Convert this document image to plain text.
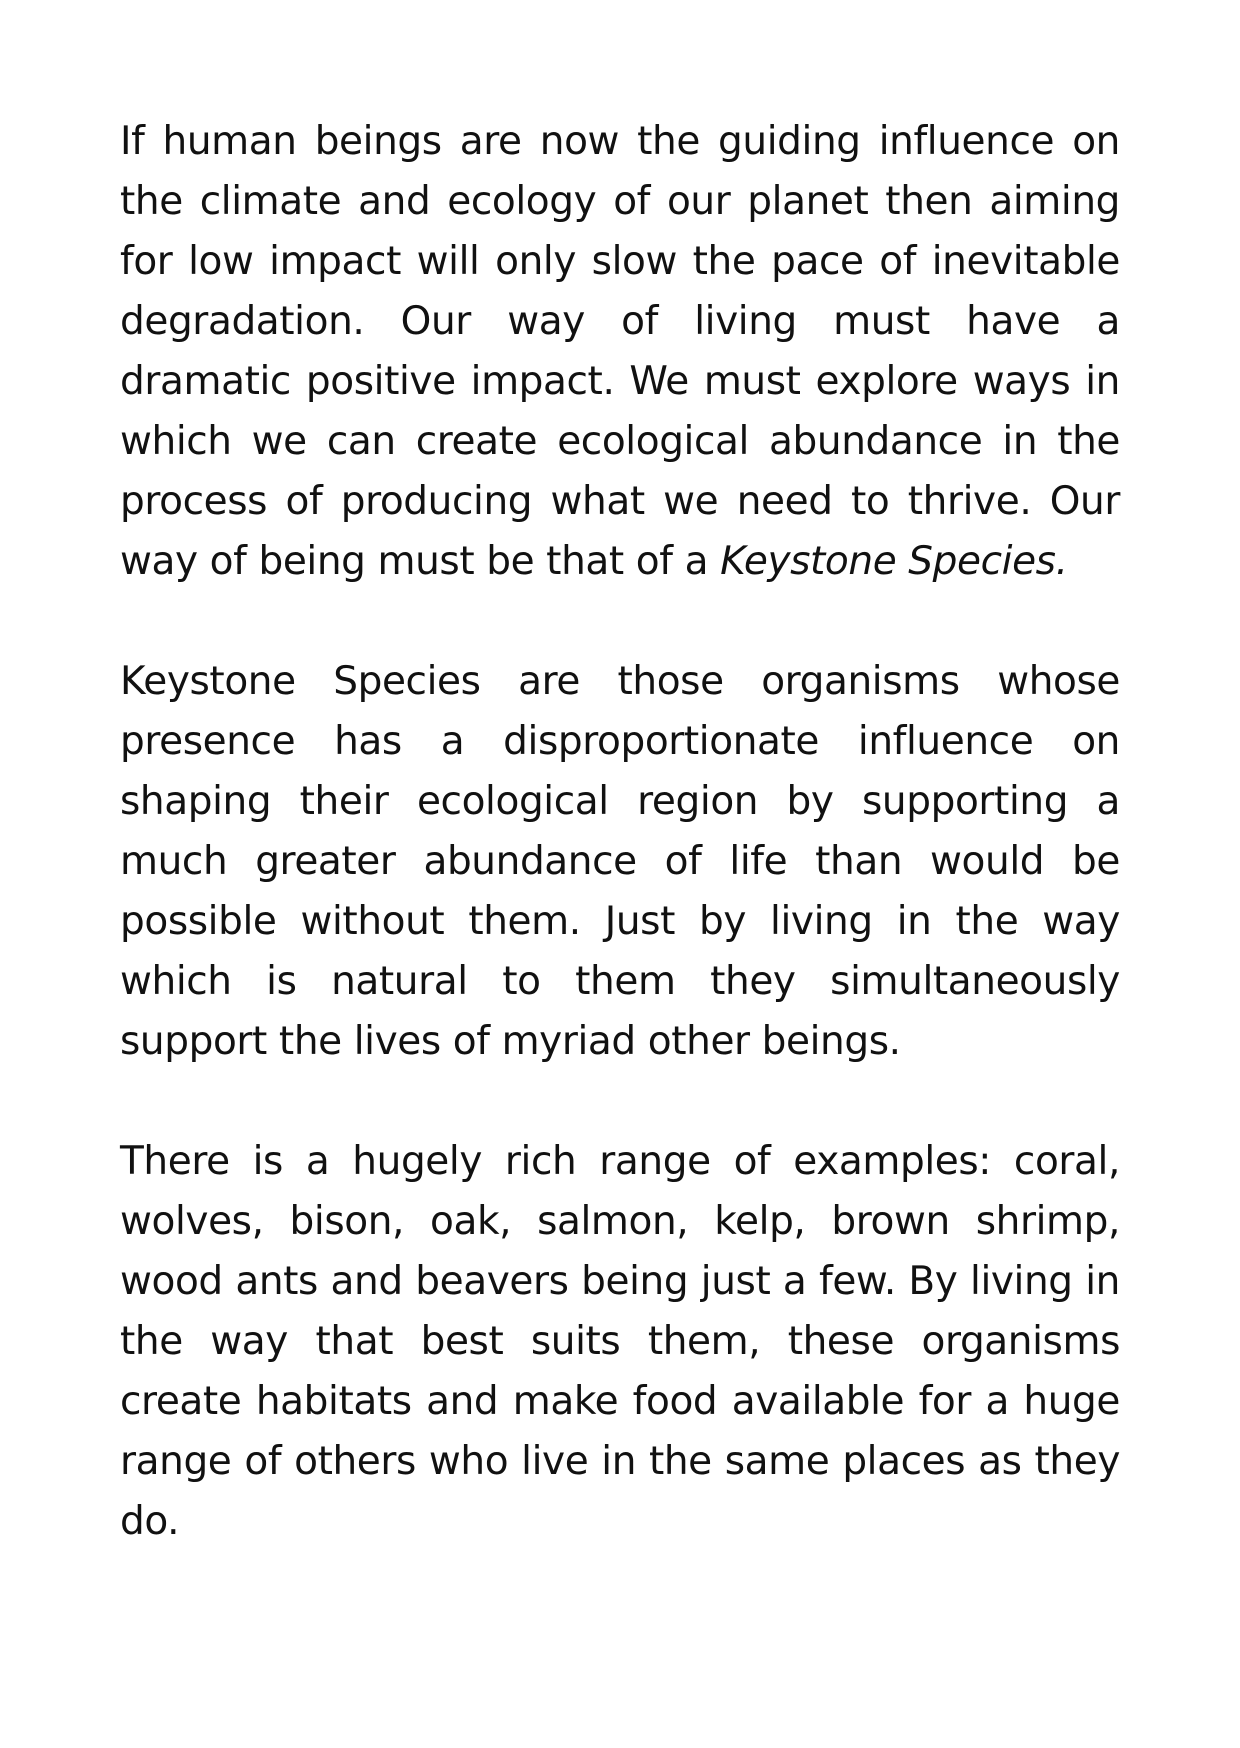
If human beings are now the guiding influence on the climate and ecology of our planet then aiming for low impact will only slow the pace of inevitable degradation. Our way of living must have a dramatic positive impact. We must explore ways in which we can create ecological abundance in the process of producing what we need to thrive. Our way of being must be that of a Keystone Species.

Keystone Species are those organisms whose presence has a disproportionate influence on shaping their ecological region by supporting a much greater abundance of life than would be possible without them. Just by living in the way which is natural to them they simultaneously support the lives of myriad other beings.

There is a hugely rich range of examples: coral, wolves, bison, oak, salmon, kelp, brown shrimp, wood ants and beavers being just a few. By living in the way that best suits them, these organisms create habitats and make food available for a huge range of others who live in the same places as they do.
